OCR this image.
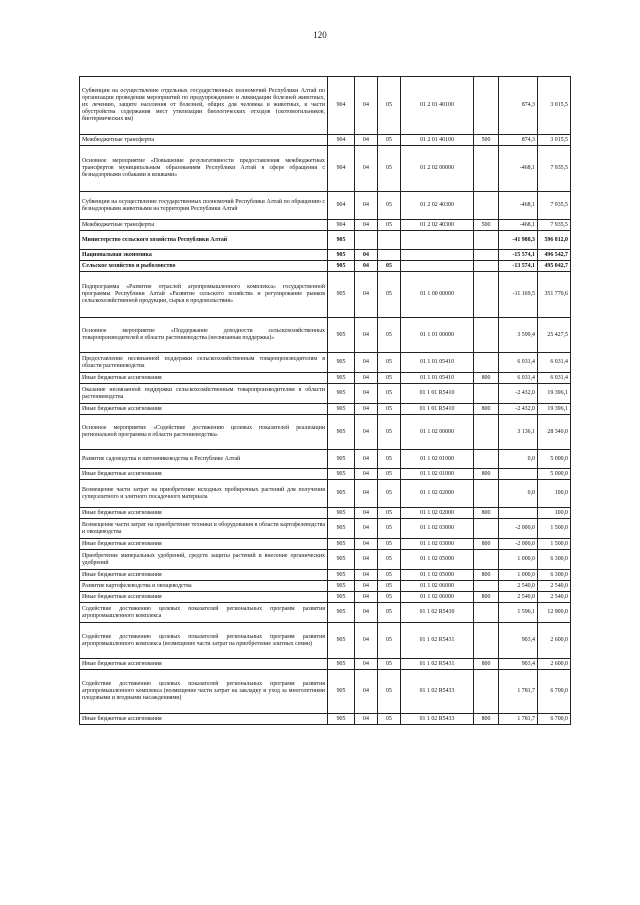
120
Субвенции на осуществление отдельных государственных полномочий Республики Алтай по организации проведения мероприятий по предупреждению и ликвидации болезней животных, их лечению, защите населения от болезней, общих для человека и животных, в части обустройства содержания мест утилизации биологических отходов (скотомогильников, биотермических ям)	904	04	05	01 2 01 40100		874,3	3 015,5
Межбюджетные трансферты	904	04	05	01 2 01 40100	500	874,3	3 015,5
Основное мероприятие «Повышение результативности предоставления межбюджетных трансфертов муниципальным образованиям Республики Алтай в сфере обращения с безнадзорными собаками и кошками»	904	04	05	01 2 02 00000		-468,1	7 935,5
Субвенции на осуществление государственных полномочий Республики Алтай по обращению с безнадзорными животными на территории Республики Алтай	904	04	05	01 2 02 40300		-468,1	7 935,5
Межбюджетные трансферты	904	04	05	01 2 02 40300	500	-468,1	7 935,5
Министерство сельского хозяйства Республики Алтай	905					-41 988,3	596 812,0
Национальная экономика	905	04				-15 574,1	496 542,7
Сельское хозяйство и рыболовство	905	04	05			-13 574,1	495 042,7
Подпрограмма «Развитие отраслей агропромышленного комплекса» государственной программы Республики Алтай «Развитие сельского хозяйства и регулирование рынков сельскохозяйственной продукции, сырья и продовольствия»	905	04	05	01 1 00 00000		-11 169,5	351 770,6
Основное мероприятие «Поддержание доходности сельскохозяйственных товаропроизводителей в области растениеводства (несвязанная поддержка)»	905	04	05	01 1 01 00000		3 599,4	25 427,5
Предоставление несвязанной поддержки сельскохозяйственным товаропроизводителям в области растениеводства	905	04	05	01 1 01 05410		6 031,4	6 031,4
Иные бюджетные ассигнования	905	04	05	01 1 01 05410	800	6 031,4	6 031,4
Оказание несвязанной поддержки сельскохозяйственным товаропроизводителям в области растениеводства	905	04	05	01 1 01 R5410		-2 432,0	19 396,1
Иные бюджетные ассигнования	905	04	05	01 1 01 R5410	800	-2 432,0	19 396,1
Основное мероприятие «Содействие достижению целевых показателей реализации региональной программы в области растениеводства»	905	04	05	01 1 02 00000		3 136,1	28 340,0
Развитие садоводства и питомниководства в Республике Алтай	905	04	05	01 1 02 01000		0,0	5 000,0
Иные бюджетные ассигнования	905	04	05	01 1 02 01000	800		5 000,0
Возмещение части затрат на приобретение исходных пробирочных растений для получения суперэлитного и элитного посадочного материала	905	04	05	01 1 02 02000		0,0	100,0
Иные бюджетные ассигнования	905	04	05	01 1 02 02000	800		100,0
Возмещение части затрат на приобретение техники и оборудования в области картофелеводства и овощеводства	905	04	05	01 1 02 03000		-2 000,0	1 500,0
Иные бюджетные ассигнования	905	04	05	01 1 02 03000	800	-2 000,0	1 500,0
Приобретение минеральных удобрений, средств защиты растений и внесение органических удобрений	905	04	05	01 1 02 05000		1 000,0	6 300,0
Иные бюджетные ассигнования	905	04	05	01 1 02 05000	800	1 000,0	6 300,0
Развитие картофелеводства и овощеводства	905	04	05	01 1 02 06000		2 540,0	2 540,0
Иные бюджетные ассигнования	905	04	05	01 1 02 06000	800	2 540,0	2 540,0
Содействие достижению целевых показателей региональных программ развития агропромышленного комплекса	905	04	05	01 1 02 R5430		1 596,1	12 900,0
Содействие достижению целевых показателей региональных программ развития агропромышленного комплекса (возмещение части затрат на приобретение элитных семян)	905	04	05	01 1 02 R5431		903,4	2 600,0
Иные бюджетные ассигнования	905	04	05	01 1 02 R5431	800	903,4	2 600,0
Содействие достижению целевых показателей региональных программ развития агропромышленного комплекса (возмещение части затрат на закладку и уход за многолетними плодовыми и ягодными насаждениями)	905	04	05	01 1 02 R5433		1 781,7	6 700,0
Иные бюджетные ассигнования	905	04	05	01 1 02 R5433	800	1 781,7	6 700,0
